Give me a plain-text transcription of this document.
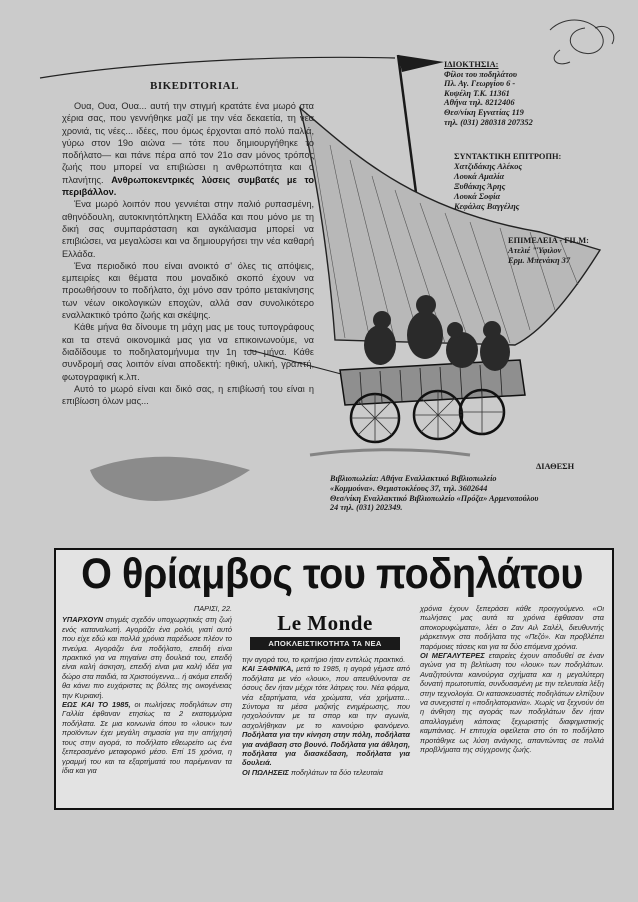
BIKEDITORIAL

Ουα, Ουα, Ουα... αυτή την στιγμή κρατάτε ένα μωρό στα χέρια σας, που γεννήθηκε μαζί με την νέα δεκαετία, τη νέα χρονιά, τις νέες... ιδέες, που όμως έρχονται από πολύ παλιά, γύρω στον 19ο αιώνα — τότε που δημιουργήθηκε το ποδήλατο— και πάνε πέρα από τον 21ο σαν μόνος τρόπος ζωής που μπορεί να επιβιώσει η ανθρωπότητα και ο πλανήτης. Ανθρωποκεντρικές λύσεις συμβατές με το περιβάλλον.

Ένα μωρό λοιπόν που γεννιέται στην παλιό ρυπασμένη, αθηνόδουλη, αυτοκινητόπληκτη Ελλάδα και που μόνο με τη δική σας συμπαράσταση και αγκάλιασμα μπορεί να επιβιώσει, να μεγαλώσει και να δημιουργήσει την νέα καθαρή Ελλάδα.

Ένα περιοδικό που είναι ανοικτό σ' όλες τις απόψεις, εμπειρίες και θέματα που μοναδικό σκοπό έχουν να προωθήσουν το ποδήλατο, όχι μόνο σαν τρόπο μετακίνησης των νέων οικολογικών εποχών, αλλά σαν συνολικότερο εναλλακτικό τρόπο ζωής και σκέψης.

Κάθε μήνα θα δίνουμε τη μάχη μας με τους τυπογράφους και τα στενά οικονομικά μας για να επικοινωνούμε, να διαδίδουμε το ποδηλατομήνυμα την 1η του μήνα. Κάθε συνδρομή σας λοιπόν είναι αποδεκτή: ηθική, υλική, γραπτή, φωτογραφική κ.λπ.

Αυτό το μωρό είναι και δικό σας, η επιβίωσή του είναι η επιβίωση όλων μας...

ΙΔΙΟΚΤΗΣΙΑ:
Φίλοι του ποδηλάτου
Πλ. Αγ. Γεωργίου 6 -
Κυψέλη Τ.Κ. 11361
Αθήνα τηλ. 8212406
Θεσ/νίκη Εγνατίας 119
τηλ. (031) 280318 207352
ΣΥΝΤΑΚΤΙΚΗ ΕΠΙΤΡΟΠΗ:
Χατζιδάκης Αλέκος
Λουκά Αμαλία
Ξυθάκης Άρης
Λουκά Σοφία
Κεφάλας Βαγγέλης
ΕΠΙΜΕΛΕΙΑ - FILM:
Ατελιέ "Ύφιλον
Ερμ. Μπενάκη 37
ΔΙΑΘΕΣΗ
Βιβλιοπωλεία: Αθήνα Εναλλακτικό Βιβλιοπωλείο
«Κομμούνα». Θεμιστοκλέους 37, τηλ. 3602644
Θεσ/νίκη Εναλλακτικό Βιβλιοπωλείο «Πρόζα» Αρμενοπούλου
24 τηλ. (031) 202349.
Ο θρίαμβος του ποδηλάτου
ΠΑΡΙΣΙ, 22.

ΥΠΑΡΧΟΥΝ στιγμές σχεδόν υποχωρητικές στη ζωή ενός καταναλωτή. Αγοράζει ένα ρολόι, γιατί αυτό που είχε εδώ και πολλά χρόνια παρέδωσε πλέον το πνεύμα. Αγοράζει ένα ποδήλατο, επειδή είναι πρακτικό για να πηγαίνει στη δουλειά του, επειδή είναι καλή άσκηση, επειδή είναι μια καλή ιδέα για δώρο στα παιδιά, τα Χριστούγεννα... ή ακόμα επειδή θα κάνει πιο ευχάριστες τις βόλτες της οικογένειας την Κυριακή.

ΕΩΣ ΚΑΙ ΤΟ 1985, οι πωλήσεις ποδηλάτων στη Γαλλία έφθαναν ετησίως τα 2 εκατομμύρια ποδήλατα. Σε μια κοινωνία όπου το «λουκ» των προϊόντων έχει μεγάλη σημασία για την απήχησή τους στην αγορά, το ποδήλατο εθεωρείτο ως ένα ξεπερασμένο μεταφορικό μέσο. Επί 15 χρόνια, η γραμμή του και τα εξαρτήματά του παρέμειναν τα ίδια και για

Le Monde
ΑΠΟΚΛΕΙΣΤΙΚΟΤΗΤΑ ΤΑ ΝΕΑ

την αγορά του, το κριτήριο ήταν εντελώς πρακτικό.

ΚΑΙ ΞΑΦΝΙΚΑ, μετά το 1985, η αγορά γέμισε από ποδήλατα με νέο «λουκ», που απευθύνονται σε όσους δεν ήταν μέχρι τότε λάτρεις του. Νέα φόρμα, νέα εξαρτήματα, νέα χρώματα, νέα χρήματα... Σύντομα τα μέσα μαζικής ενημέρωσης, που ησχολούνταν με τα σπορ και την αγωνία, ασχολήθηκαν με το καινούριο φαινόμενο. Ποδήλατα για την κίνηση στην πόλη, ποδήλατα για ανάβαση στο βουνό. Ποδήλατα για άθληση, ποδήλατα για διασκέδαση, ποδήλατα για δουλειά.

ΟΙ ΠΩΛΗΣΕΙΣ ποδηλάτων τα δύο τελευταία

χρόνια έχουν ξεπεράσει κάθε προηγούμενο. «Οι πωλήσεις μας αυτά τα χρόνια έφθασαν στα αποκορυφώματα», λέει ο Ζαν Αιλ Σαλέλ, διευθυντής μάρκετινγκ στα ποδήλατα της «Πεζό». Και προβλέπει παρόμοιες τάσεις και για τα δύο επόμενα χρόνια.

ΟΙ ΜΕΓΑΛΥΤΕΡΕΣ εταιρείες έχουν αποδυθεί σε έναν αγώνα για τη βελτίωση του «λουκ» των ποδηλάτων. Αναζητούνται καινούργια σχήματα και η μεγαλύτερη δυνατή πρωτοτυπία, συνδυασμένη με την τελευταία λέξη στην τεχνολογία. Οι κατασκευαστές ποδηλάτων ελπίζουν να συνεχιστεί η «ποδηλατομανία». Χωρίς να ξεχνούν ότι η άνθηση της αγοράς των ποδηλάτων δεν ήταν απαλλαγμένη κάποιας ξεχωριστής διαφημιστικής καμπάνιας. Η επιτυχία οφείλεται στο ότι το ποδήλατο προτάθηκε ως λύση ανάγκης, απαντώντας σε πολλά προβλήματα της σύγχρονης ζωής.
